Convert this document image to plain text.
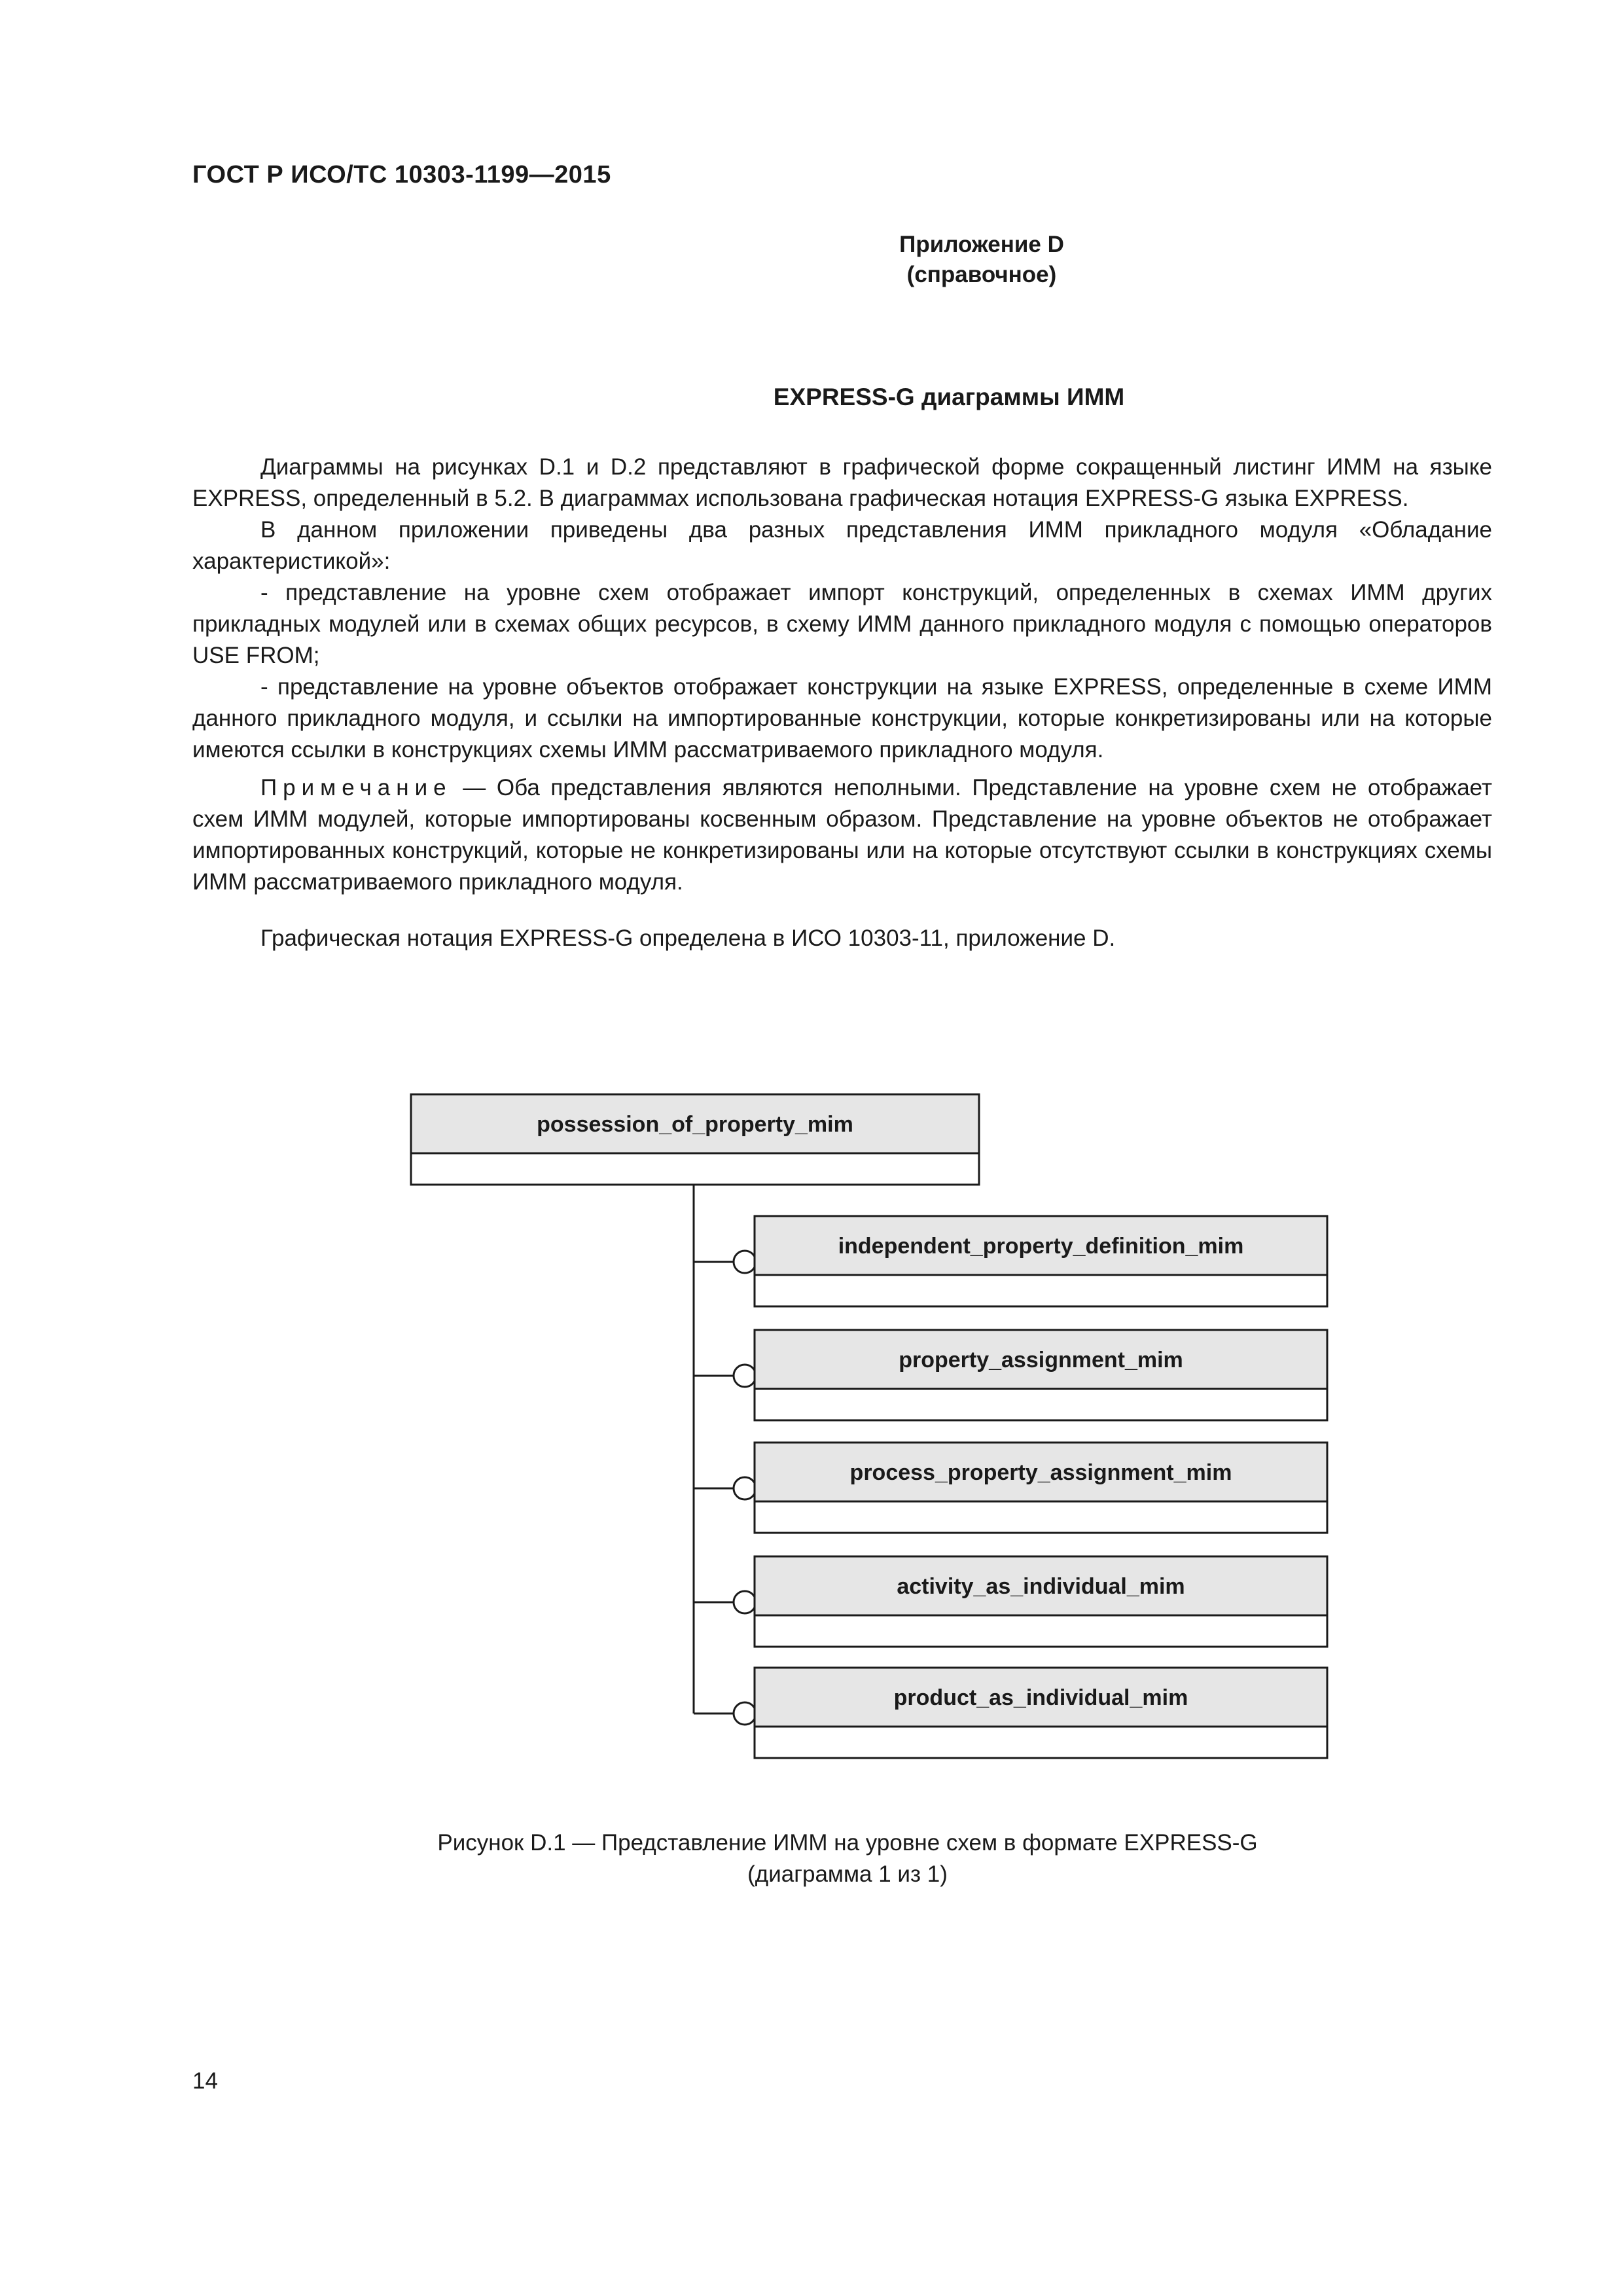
ГОСТ Р ИСО/ТС 10303-1199—2015
Приложение D
(справочное)
EXPRESS-G диаграммы ИММ

Диаграммы на рисунках D.1 и D.2 представляют в графической форме сокращенный листинг ИММ на языке EXPRESS, определенный в 5.2. В диаграммах использована графическая нотация EXPRESS-G языка EXPRESS.

В данном приложении приведены два разных представления ИММ прикладного модуля «Обладание характеристикой»:

- представление на уровне схем отображает импорт конструкций, определенных в схемах ИММ других прикладных модулей или в схемах общих ресурсов, в схему ИММ данного прикладного модуля с помощью операторов USE FROM;

- представление на уровне объектов отображает конструкции на языке EXPRESS, определенные в схеме ИММ данного прикладного модуля, и ссылки на импортированные конструкции, которые конкретизированы или на которые имеются ссылки в конструкциях схемы ИММ рассматриваемого прикладного модуля.

Примечание — Оба представления являются неполными. Представление на уровне схем не отображает схем ИММ модулей, которые импортированы косвенным образом. Представление на уровне объектов не отображает импортированных конструкций, которые не конкретизированы или на которые отсутствуют ссылки в конструкциях схемы ИММ рассматриваемого прикладного модуля.

Графическая нотация EXPRESS-G определена в ИСО 10303-11, приложение D.

possession_of_property_mim
independent_property_definition_mim
property_assignment_mim
process_property_assignment_mim
activity_as_individual_mim
product_as_individual_mim
Рисунок D.1 — Представление ИММ на уровне схем в формате EXPRESS-G
(диаграмма 1 из 1)
14
